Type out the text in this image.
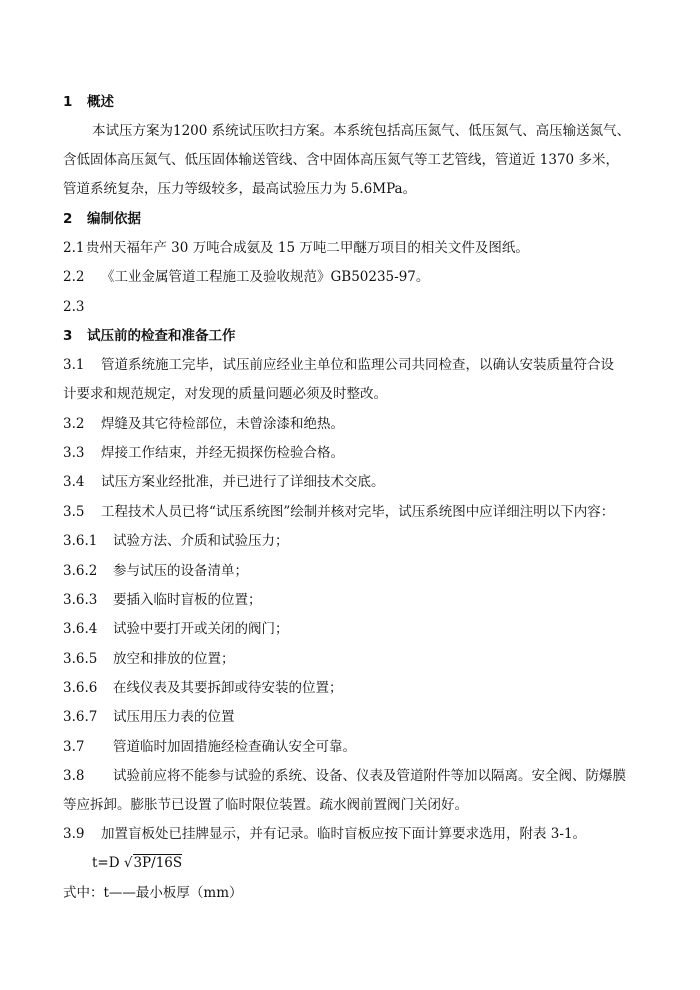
1 概述
本试压方案为1200 系统试压吹扫方案。本系统包括高压氮气、低压氮气、高压输送氮气、
含低固体高压氮气、低压固体输送管线、含中固体高压氮气等工艺管线，管道近 1370 多米，
管道系统复杂，压力等级较多，最高试验压力为 5.6MPa。
2 编制依据
2.1 贵州天福年产 30 万吨合成氨及 15 万吨二甲醚万项目的相关文件及图纸。
2.2 《工业金属管道工程施工及验收规范》GB50235-97。
2.3
3 试压前的检查和准备工作
3.1 管道系统施工完毕，试压前应经业主单位和监理公司共同检查，以确认安装质量符合设
计要求和规范规定，对发现的质量问题必须及时整改。
3.2 焊缝及其它待检部位，未曾涂漆和绝热。
3.3 焊接工作结束，并经无损探伤检验合格。
3.4 试压方案业经批准，并已进行了详细技术交底。
3.5 工程技术人员已将“试压系统图”绘制并核对完毕，试压系统图中应详细注明以下内容：
3.6.1 试验方法、介质和试验压力；
3.6.2 参与试压的设备清单；
3.6.3 要插入临时盲板的位置；
3.6.4 试验中要打开或关闭的阀门；
3.6.5 放空和排放的位置；
3.6.6 在线仪表及其要拆卸或待安装的位置；
3.6.7 试压用压力表的位置
3.7 管道临时加固措施经检查确认安全可靠。
3.8 试验前应将不能参与试验的系统、设备、仪表及管道附件等加以隔离。安全阀、防爆膜
等应拆卸。膨胀节已设置了临时限位装置。疏水阀前置阀门关闭好。
3.9 加置盲板处已挂牌显示，并有记录。临时盲板应按下面计算要求选用，附表 3-1。
t=D √3P/16S
式中：t——最小板厚（mm）
